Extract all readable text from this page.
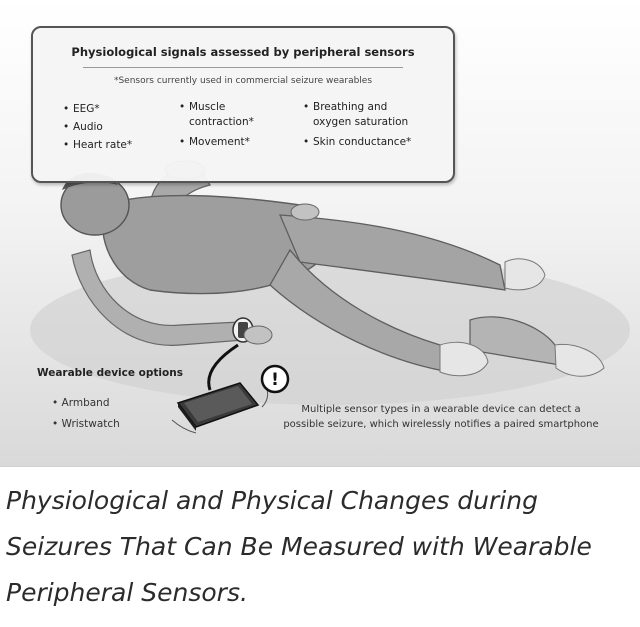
Physiological signals assessed by peripheral sensors
*Sensors currently used in commercial seizure wearables
• EEG*
• Audio
• Heart rate*
• Muscle
contraction*
• Movement*
• Breathing and
oxygen saturation
• Skin conductance*
!
Wearable device options
• Armband
• Wristwatch
Multiple sensor types in a wearable device can detect a
possible seizure, which wirelessly notifies a paired smartphone
Physiological and Physical Changes during
Seizures That Can Be Measured with Wearable
Peripheral Sensors.
